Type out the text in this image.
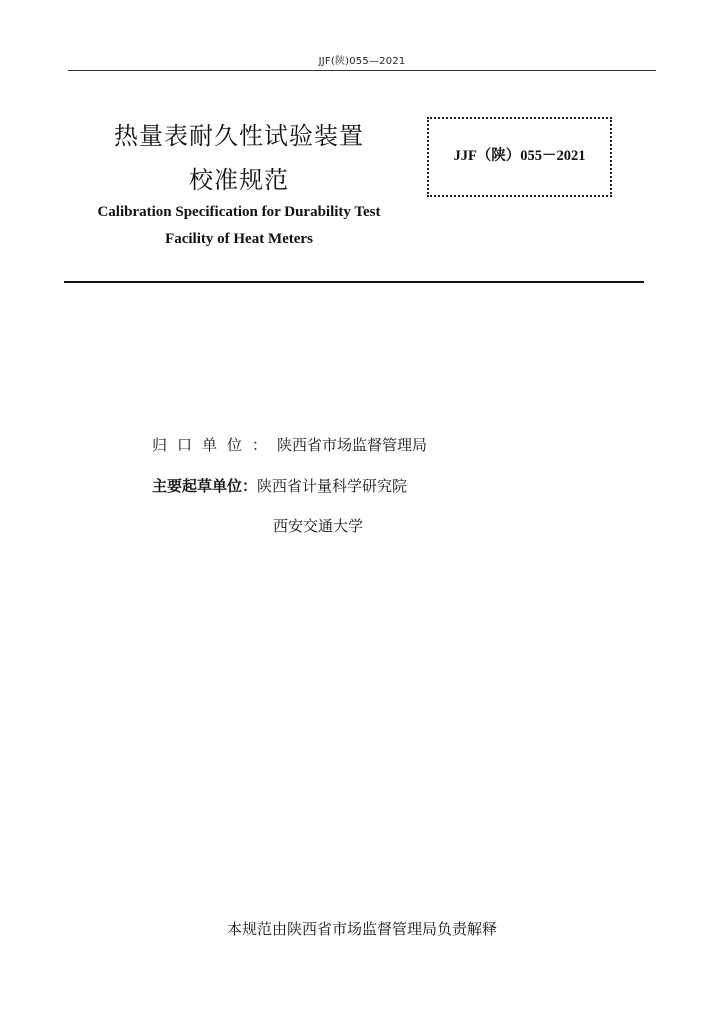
JJF(陕)055—2021
热量表耐久性试验装置
校准规范
Calibration Specification for Durability Test
Facility of Heat Meters
JJF（陕）055－2021
归口单位：陕西省市场监督管理局
主要起草单位：陕西省计量科学研究院
西安交通大学
本规范由陕西省市场监督管理局负责解释
